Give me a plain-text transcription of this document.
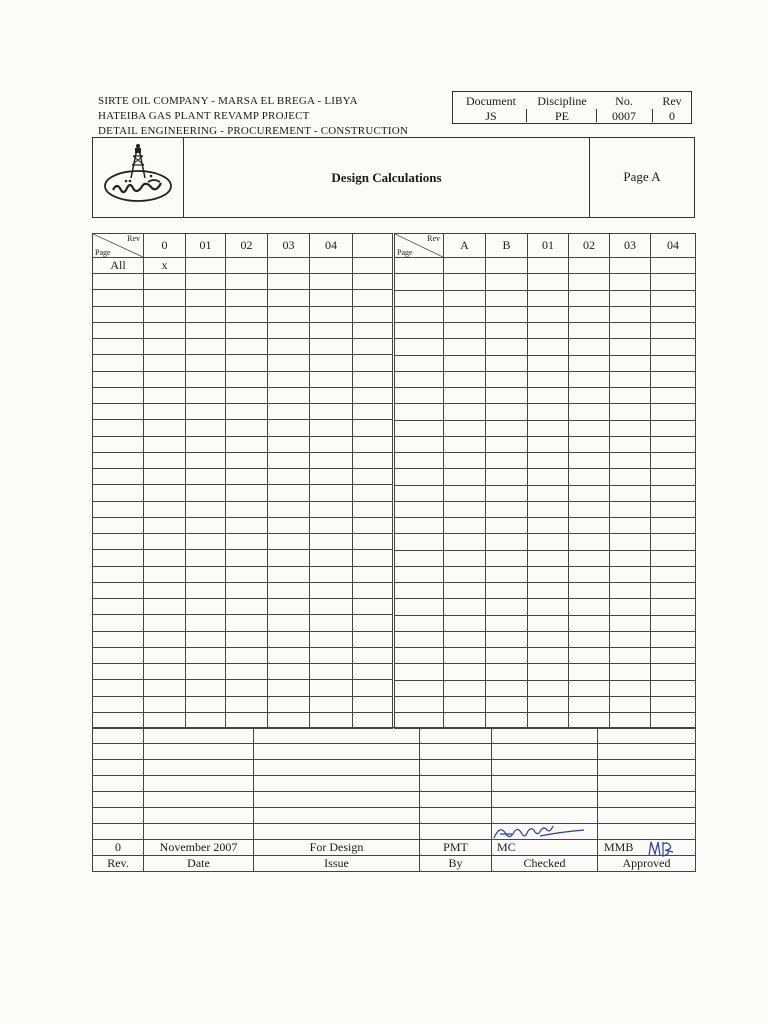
SIRTE OIL COMPANY - MARSA EL BREGA - LIBYA
HATEIBA GAS PLANT REVAMP PROJECT
DETAIL ENGINEERING - PROCUREMENT - CONSTRUCTION
Document	Discipline	No.	Rev
JS	PE	0007	0
Design Calculations	Page A
Rev
Page	0	01	02	03	04	
All	x					

Rev
Page	A	B	01	02	03	04

0	November 2007	For Design	PMT	MC	MMB
Rev.	Date	Issue	By	Checked	Approved
